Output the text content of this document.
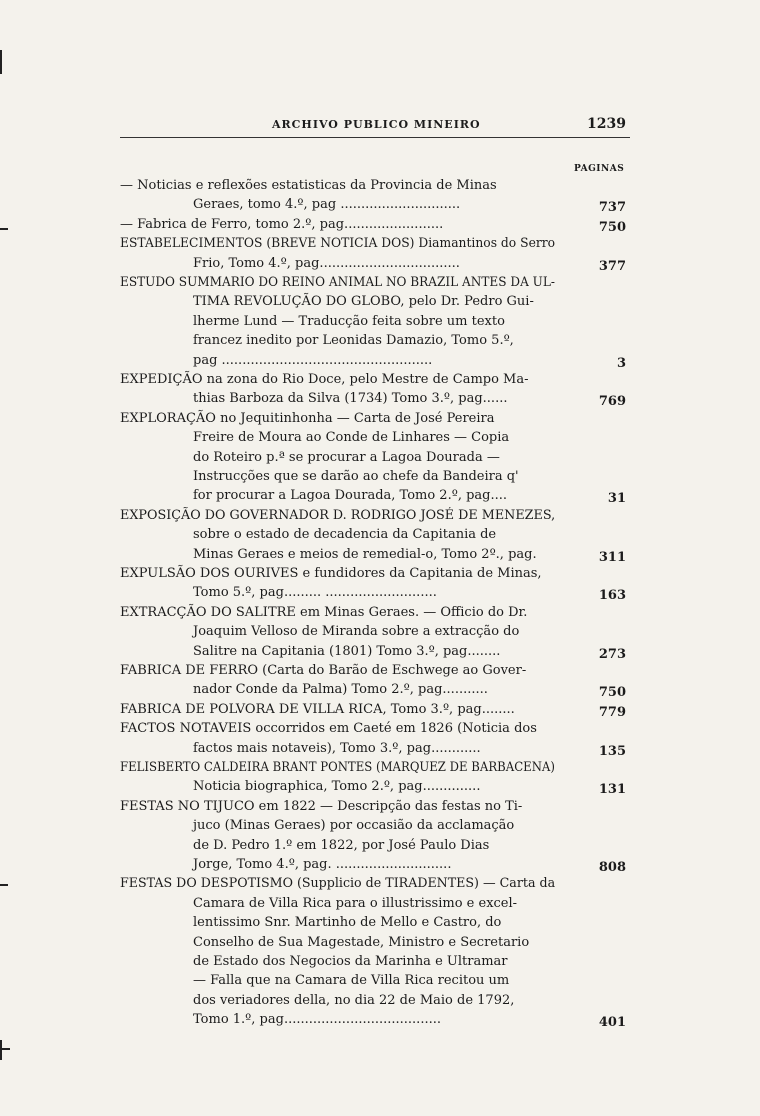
ARCHIVO PUBLICO MINEIRO	1239
PAGINAS
— Noticias e reflexões estatisticas da Provincia de Minas
Geraes, tomo 4.º, pag .............................	737
— Fabrica de Ferro, tomo 2.º, pag........................	750
ESTABELECIMENTOS (BREVE NOTICIA DOS) Diamantinos do Serro
Frio, Tomo 4.º, pag..................................	377
ESTUDO SUMMARIO DO REINO ANIMAL NO BRAZIL ANTES DA UL-
TIMA REVOLUÇÃO DO GLOBO, pelo Dr. Pedro Gui-
lherme Lund — Traducção feita sobre um texto
francez inedito por Leonidas Damazio, Tomo 5.º,
pag ...................................................	3
EXPEDIÇÃO na zona do Rio Doce, pelo Mestre de Campo Ma-
thias Barboza da Silva (1734) Tomo 3.º, pag......	769
EXPLORAÇÃO no Jequitinhonha — Carta de José Pereira
Freire de Moura ao Conde de Linhares — Copia
do Roteiro p.ª se procurar a Lagoa Dourada —
Instrucções que se darão ao chefe da Bandeira q'
for procurar a Lagoa Dourada, Tomo 2.º, pag....	31
EXPOSIÇÃO DO GOVERNADOR D. RODRIGO JOSÉ DE MENEZES,
sobre o estado de decadencia da Capitania de
Minas Geraes e meios de remedial-o, Tomo 2º., pag.	311
EXPULSÃO DOS OURIVES e fundidores da Capitania de Minas,
Tomo 5.º, pag......... ...........................	163
EXTRACÇÃO DO SALITRE em Minas Geraes. — Officio do Dr.
Joaquim Velloso de Miranda sobre a extracção do
Salitre na Capitania (1801) Tomo 3.º, pag........	273
FABRICA DE FERRO (Carta do Barão de Eschwege ao Gover-
nador Conde da Palma) Tomo 2.º, pag...........	750
FABRICA DE POLVORA DE VILLA RICA, Tomo 3.º, pag........	779
FACTOS NOTAVEIS occorridos em Caeté em 1826 (Noticia dos
factos mais notaveis), Tomo 3.º, pag............	135
FELISBERTO CALDEIRA BRANT PONTES (MARQUEZ DE BARBACENA)
Noticia biographica, Tomo 2.º, pag..............	131
FESTAS NO TIJUCO em 1822 — Descripção das festas no Ti-
juco (Minas Geraes) por occasião da acclamação
de D. Pedro 1.º em 1822, por José Paulo Dias
Jorge, Tomo 4.º, pag. ............................	808
FESTAS DO DESPOTISMO (Supplicio de TIRADENTES) — Carta da
Camara de Villa Rica para o illustrissimo e excel-
lentissimo Snr. Martinho de Mello e Castro, do
Conselho de Sua Magestade, Ministro e Secretario
de Estado dos Negocios da Marinha e Ultramar
— Falla que na Camara de Villa Rica recitou um
dos veriadores della, no dia 22 de Maio de 1792,
Tomo 1.º, pag......................................	401
